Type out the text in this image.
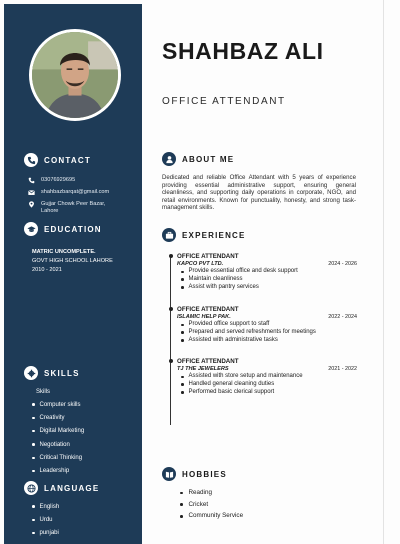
CONTACT
03076929695
shahbazbarqat@gmail.com
Gujjar Chowk Peer Bazar,
Lahore
EDUCATION
MATRIC UNCOMPLETE.
GOVT HIGH SCHOOL LAHORE
2010 - 2021
SKILLS
Skills
Computer skills
Creativity
Digital Marketing
Negotiation
Critical Thinking
Leadership
LANGUAGE
English
Urdu
punjabi
SHAHBAZ ALI
OFFICE ATTENDANT
ABOUT ME
Dedicated and reliable Office Attendant with 5 years of experience providing essential administrative support, ensuring general cleanliness, and supporting daily operations in corporate, NGO, and retail environments. Known for punctuality, honesty, and strong task-management skills.
EXPERIENCE
OFFICE ATTENDANT
KAPCO PVT LTD.	2024 - 2026
Provide essential office and desk support
Maintain cleanliness
Assist with pantry services
OFFICE ATTENDANT
ISLAMIC HELP PAK.	2022 - 2024
Provided office support to staff
Prepared and served refreshments for meetings
Assisted with administrative tasks
OFFICE ATTENDANT
TJ THE JEWELERS	2021 - 2022
Assisted with store setup and maintenance
Handled general cleaning duties
Performed basic clerical support
HOBBIES
Reading
Cricket
Community Service
